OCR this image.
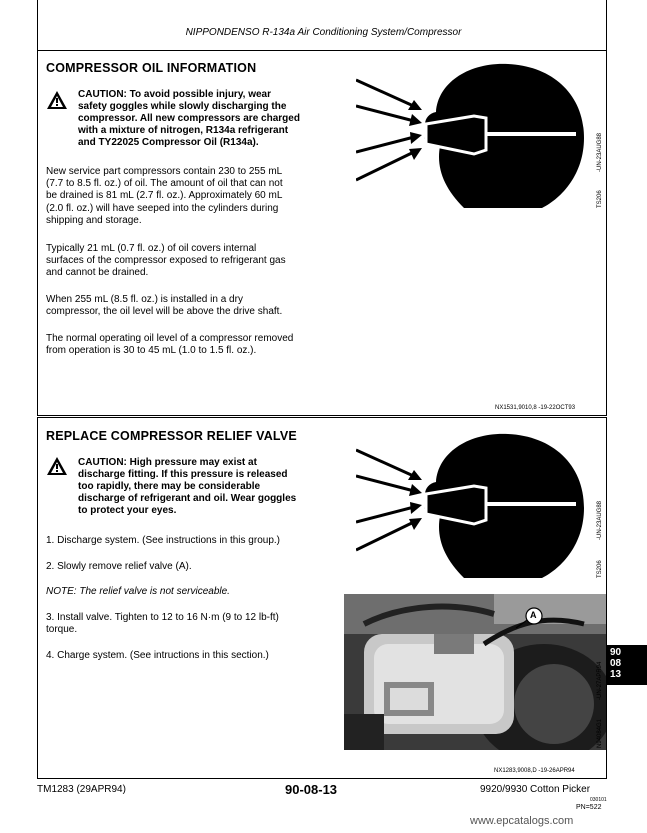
NIPPONDENSO R-134a Air Conditioning System/Compressor
COMPRESSOR OIL INFORMATION
CAUTION: To avoid possible injury, wear
safety goggles while slowly discharging the
compressor. All new compressors are charged
with a mixture of nitrogen, R134a refrigerant
and TY22025 Compressor Oil (R134a).
New service part compressors contain 230 to 255 mL
(7.7 to 8.5 fl. oz.) of oil. The amount of oil that can not
be drained is 81 mL (2.7 fl. oz.). Approximately 60 mL
(2.0 fl. oz.) will have seeped into the cylinders during
shipping and storage.
Typically 21 mL (0.7 fl. oz.) of oil covers internal
surfaces of the compressor exposed to refrigerant gas
and cannot be drained.
When 255 mL (8.5 fl. oz.) is installed in a dry
compressor, the oil level will be above the drive shaft.
The normal operating oil level of a compressor removed
from operation is 30 to 45 mL (1.0 to 1.5 fl. oz.).
-UN-23AUG88
TS206
NX1531,9010,8 -19-22OCT93
REPLACE COMPRESSOR RELIEF VALVE
CAUTION: High pressure may exist at
discharge fitting. If this pressure is released
too rapidly, there may be considerable
discharge of refrigerant and oil. Wear goggles
to protect your eyes.
1. Discharge system. (See instructions in this group.)
2. Slowly remove relief valve (A).
NOTE: The relief valve is not serviceable.
3. Install valve. Tighten to 12 to 16 N·m (9 to 12 lb-ft)
torque.
4. Charge system. (See intructions in this section.)
-UN-23AUG88
TS206
A
-UN-27APR94
N94084G1
NX1283,9008,D -19-26APR94
90
08
13
TM1283 (29APR94)	90-08-13	9920/9930 Cotton Picker
030101
PN=522
www.epcatalogs.com
